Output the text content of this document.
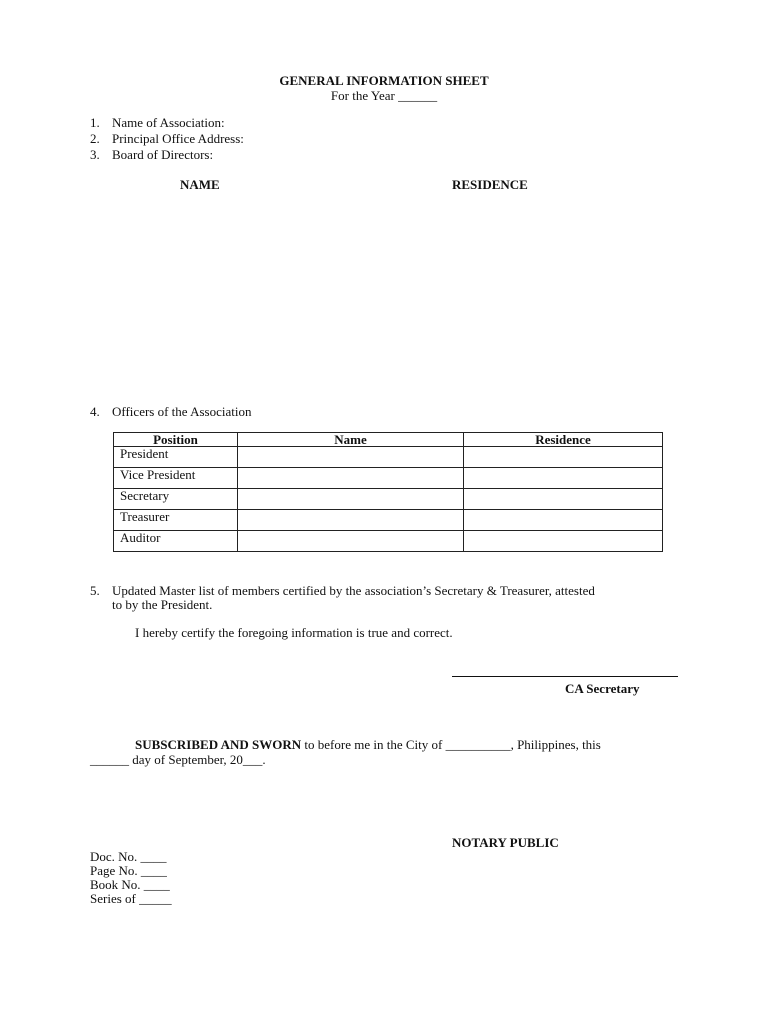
GENERAL INFORMATION SHEET
For the Year ______
1. Name of Association:
2. Principal Office Address:
3. Board of Directors:
NAME	RESIDENCE
4. Officers of the Association
Position	Name	Residence
President		
Vice President		
Secretary		
Treasurer		
Auditor		
5. Updated Master list of members certified by the association’s Secretary & Treasurer, attested
to by the President.
I hereby certify the foregoing information is true and correct.
CA Secretary
SUBSCRIBED AND SWORN to before me in the City of __________, Philippines, this
______ day of September, 20___.
NOTARY PUBLIC
Doc. No. ____
Page No. ____
Book No. ____
Series of _____
